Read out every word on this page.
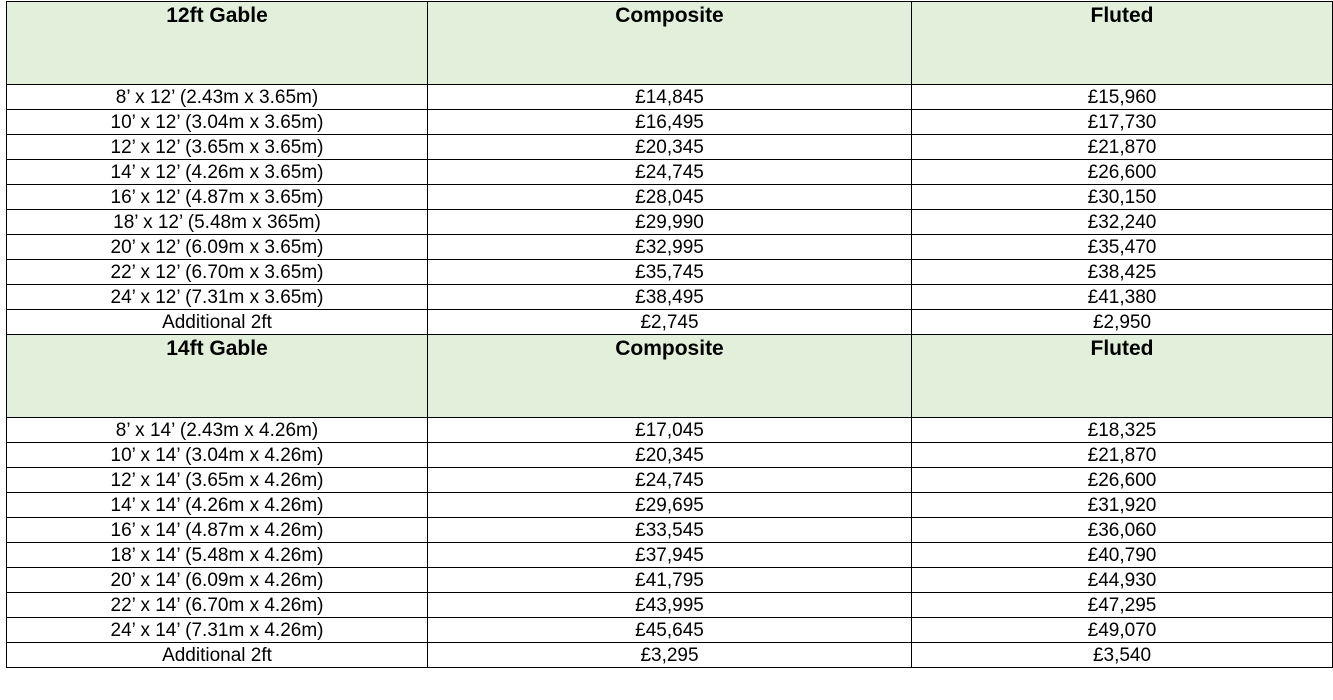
12ft Gable	Composite	Fluted
8’ x 12’ (2.43m x 3.65m)	£14,845	£15,960
10’ x 12’ (3.04m x 3.65m)	£16,495	£17,730
12’ x 12’ (3.65m x 3.65m)	£20,345	£21,870
14’ x 12’ (4.26m x 3.65m)	£24,745	£26,600
16’ x 12’ (4.87m x 3.65m)	£28,045	£30,150
18’ x 12’ (5.48m x 365m)	£29,990	£32,240
20’ x 12’ (6.09m x 3.65m)	£32,995	£35,470
22’ x 12’ (6.70m x 3.65m)	£35,745	£38,425
24’ x 12’ (7.31m x 3.65m)	£38,495	£41,380
Additional 2ft	£2,745	£2,950
14ft Gable	Composite	Fluted
8’ x 14’ (2.43m x 4.26m)	£17,045	£18,325
10’ x 14’ (3.04m x 4.26m)	£20,345	£21,870
12’ x 14’ (3.65m x 4.26m)	£24,745	£26,600
14’ x 14’ (4.26m x 4.26m)	£29,695	£31,920
16’ x 14’ (4.87m x 4.26m)	£33,545	£36,060
18’ x 14’ (5.48m x 4.26m)	£37,945	£40,790
20’ x 14’ (6.09m x 4.26m)	£41,795	£44,930
22’ x 14’ (6.70m x 4.26m)	£43,995	£47,295
24’ x 14’ (7.31m x 4.26m)	£45,645	£49,070
Additional 2ft	£3,295	£3,540
